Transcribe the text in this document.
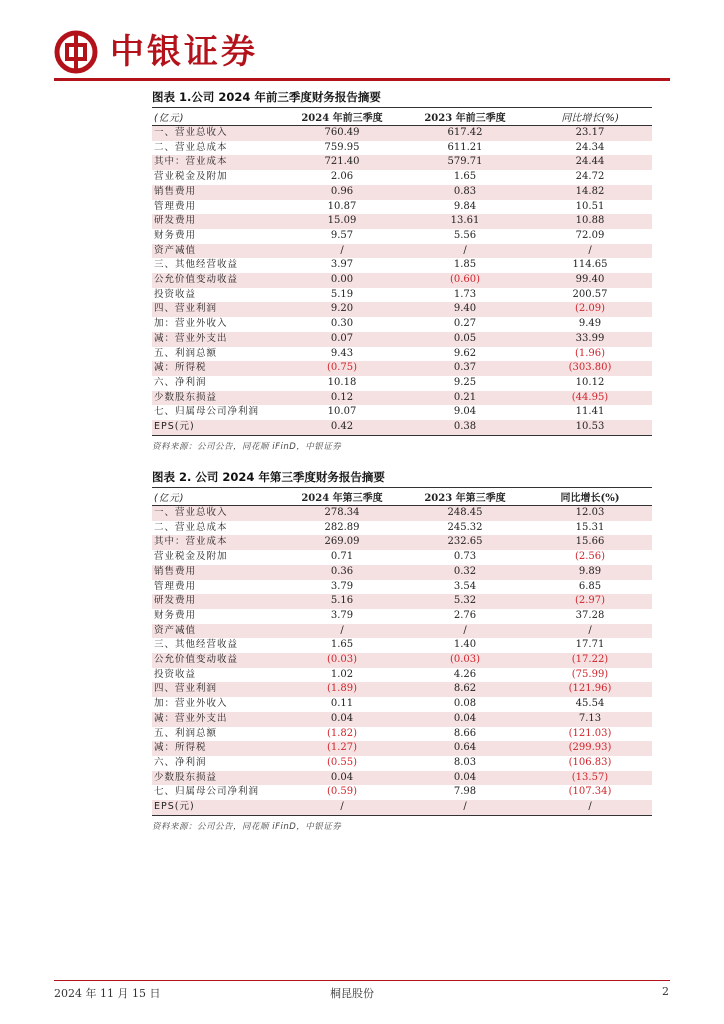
中银证券
图表 1.公司 2024 年前三季度财务报告摘要
(亿元)	2024 年前三季度	2023 年前三季度	同比增长(%)
一、营业总收入	760.49	617.42	23.17
二、营业总成本	759.95	611.21	24.34
其中：营业成本	721.40	579.71	24.44
营业税金及附加	2.06	1.65	24.72
销售费用	0.96	0.83	14.82
管理费用	10.87	9.84	10.51
研发费用	15.09	13.61	10.88
财务费用	9.57	5.56	72.09
资产减值	/	/	/
三、其他经营收益	3.97	1.85	114.65
公允价值变动收益	0.00	(0.60)	99.40
投资收益	5.19	1.73	200.57
四、营业利润	9.20	9.40	(2.09)
加：营业外收入	0.30	0.27	9.49
减：营业外支出	0.07	0.05	33.99
五、利润总额	9.43	9.62	(1.96)
减：所得税	(0.75)	0.37	(303.80)
六、净利润	10.18	9.25	10.12
少数股东损益	0.12	0.21	(44.95)
七、归属母公司净利润	10.07	9.04	11.41
EPS(元)	0.42	0.38	10.53
资料来源：公司公告，同花顺 iFinD，中银证券
图表 2. 公司 2024 年第三季度财务报告摘要
(亿元)	2024 年第三季度	2023 年第三季度	同比增长(%)
一、营业总收入	278.34	248.45	12.03
二、营业总成本	282.89	245.32	15.31
其中：营业成本	269.09	232.65	15.66
营业税金及附加	0.71	0.73	(2.56)
销售费用	0.36	0.32	9.89
管理费用	3.79	3.54	6.85
研发费用	5.16	5.32	(2.97)
财务费用	3.79	2.76	37.28
资产减值	/	/	/
三、其他经营收益	1.65	1.40	17.71
公允价值变动收益	(0.03)	(0.03)	(17.22)
投资收益	1.02	4.26	(75.99)
四、营业利润	(1.89)	8.62	(121.96)
加：营业外收入	0.11	0.08	45.54
减：营业外支出	0.04	0.04	7.13
五、利润总额	(1.82)	8.66	(121.03)
减：所得税	(1.27)	0.64	(299.93)
六、净利润	(0.55)	8.03	(106.83)
少数股东损益	0.04	0.04	(13.57)
七、归属母公司净利润	(0.59)	7.98	(107.34)
EPS(元)	/	/	/
资料来源：公司公告，同花顺 iFinD，中银证券
2024 年 11 月 15 日	桐昆股份	2
